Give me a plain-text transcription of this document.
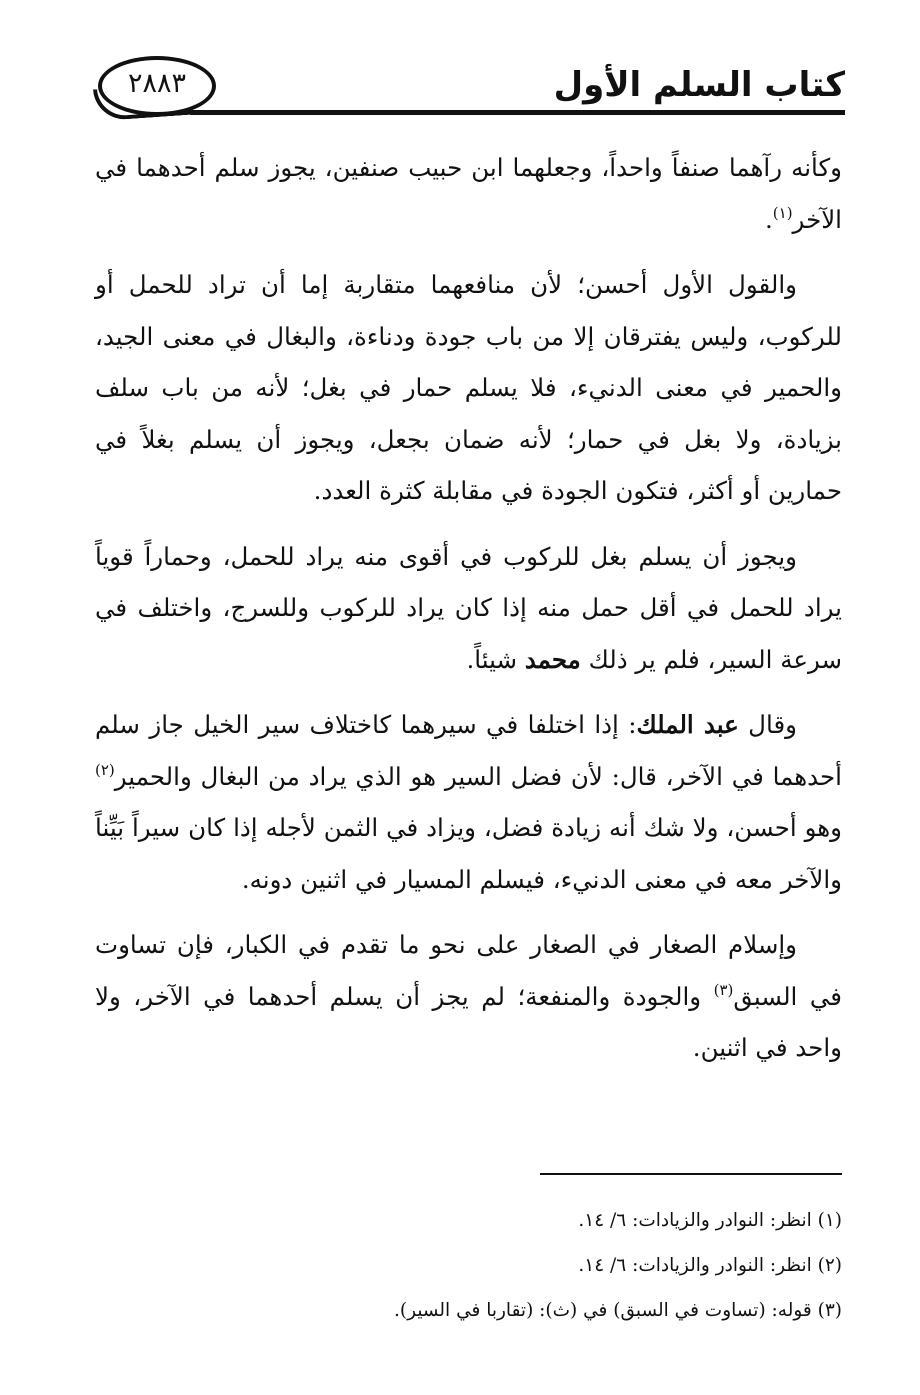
كتاب السلم الأول
٢٨٨٣

وكأنه رآهما صنفاً واحداً، وجعلهما ابن حبيب صنفين، يجوز سلم أحدهما في الآخر$^{(١)}$.

والقول الأول أحسن؛ لأن منافعهما متقاربة إما أن تراد للحمل أو للركوب، وليس يفترقان إلا من باب جودة ودناءة، والبغال في معنى الجيد، والحمير في معنى الدنيء، فلا يسلم حمار في بغل؛ لأنه من باب سلف بزيادة، ولا بغل في حمار؛ لأنه ضمان بجعل، ويجوز أن يسلم بغلاً في حمارين أو أكثر، فتكون الجودة في مقابلة كثرة العدد.

ويجوز أن يسلم بغل للركوب في أقوى منه يراد للحمل، وحماراً قوياً يراد للحمل في أقل حمل منه إذا كان يراد للركوب وللسرج، واختلف في سرعة السير، فلم ير ذلك محمد شيئاً.

وقال عبد الملك: إذا اختلفا في سيرهما كاختلاف سير الخيل جاز سلم أحدهما في الآخر، قال: لأن فضل السير هو الذي يراد من البغال والحمير$^{(٢)}$ وهو أحسن، ولا شك أنه زيادة فضل، ويزاد في الثمن لأجله إذا كان سيراً بَيِّناً والآخر معه في معنى الدنيء، فيسلم المسيار في اثنين دونه.

وإسلام الصغار في الصغار على نحو ما تقدم في الكبار، فإن تساوت في السبق$^{(٣)}$ والجودة والمنفعة؛ لم يجز أن يسلم أحدهما في الآخر، ولا واحد في اثنين.

(١) انظر: النوادر والزيادات: ٦/ ١٤.

(٢) انظر: النوادر والزيادات: ٦/ ١٤.

(٣) قوله: (تساوت في السبق) في (ث): (تقاربا في السير).
